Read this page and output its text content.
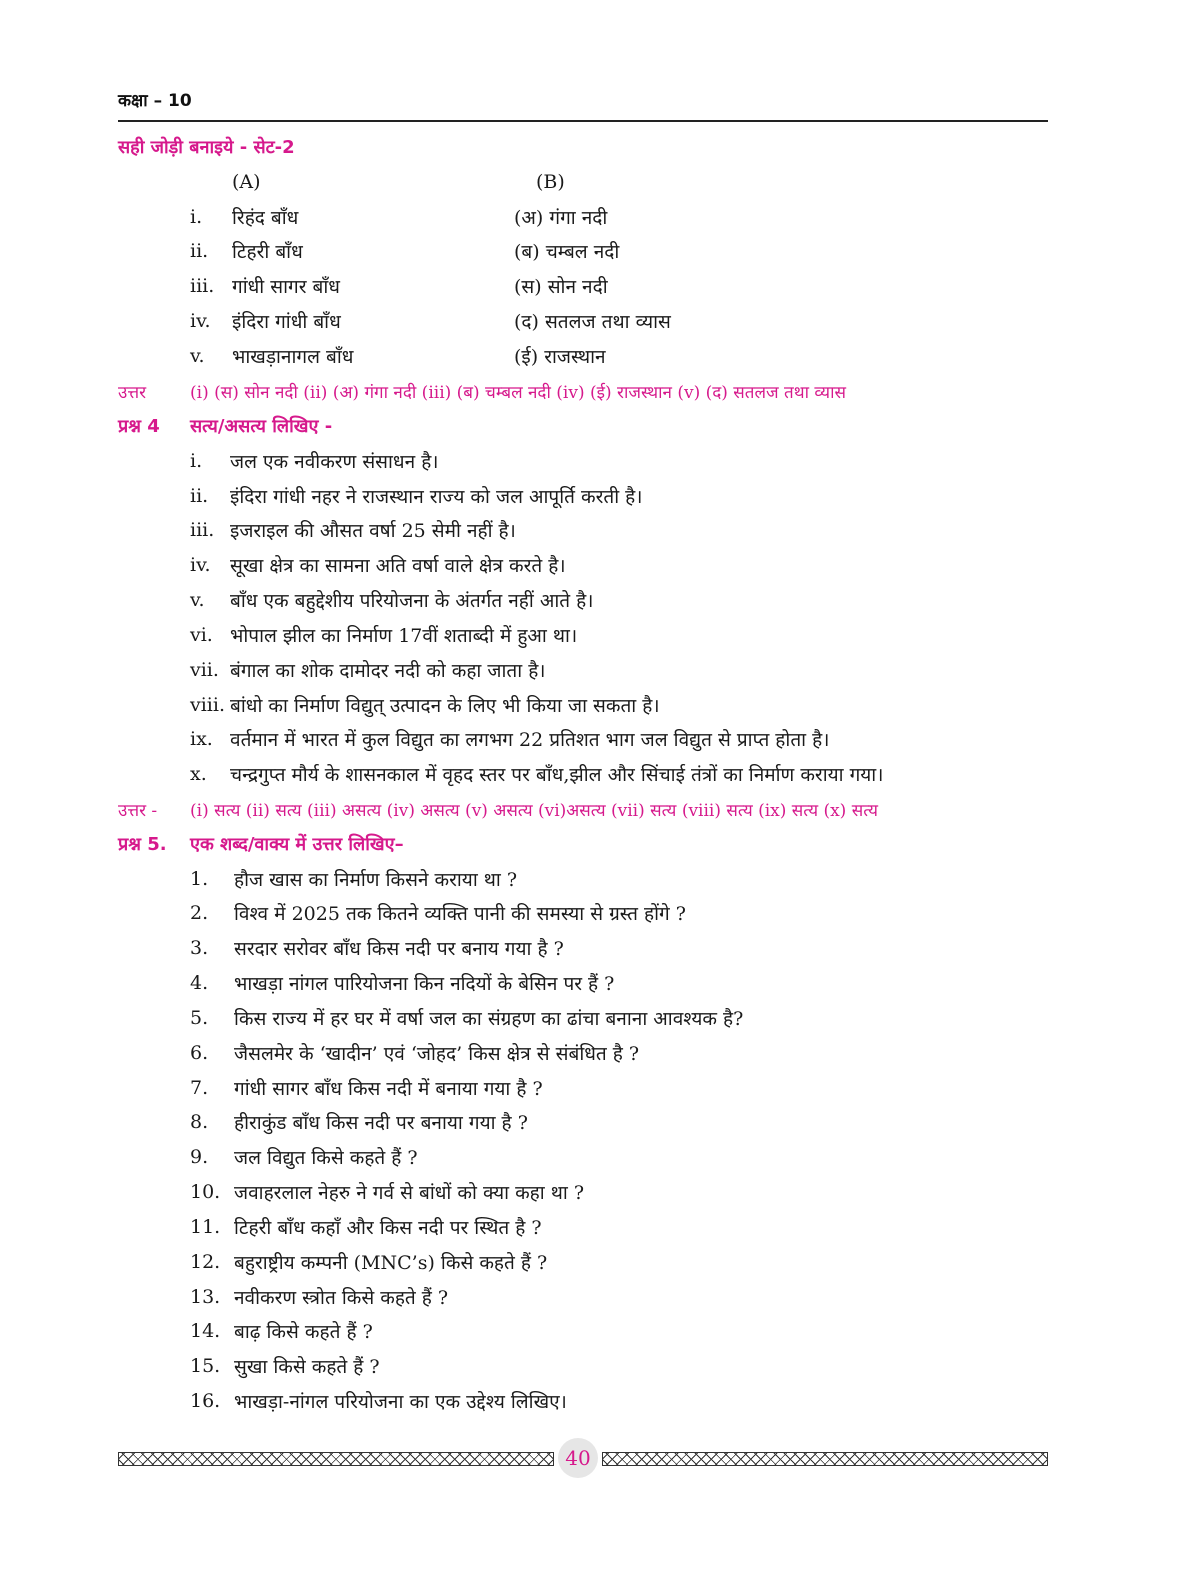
कक्षा – 10
सही जोड़ी बनाइये - सेट-2
(A)	(B)
i. रिहंद बाँध	(अ) गंगा नदी
ii. टिहरी बाँध	(ब) चम्बल नदी
iii. गांधी सागर बाँध	(स) सोन नदी
iv. इंदिरा गांधी बाँध	(द) सतलज तथा व्यास
v. भाखड़ानागल बाँध	(ई) राजस्थान
उत्तर	(i) (स) सोन नदी (ii) (अ) गंगा नदी (iii) (ब) चम्बल नदी (iv) (ई) राजस्थान (v) (द) सतलज तथा व्यास
प्रश्न 4	सत्य/असत्य लिखिए -
i.	जल एक नवीकरण संसाधन है।
ii.	इंदिरा गांधी नहर ने राजस्थान राज्य को जल आपूर्ति करती है।
iii. इजराइल की औसत वर्षा 25 सेमी नहीं है।
iv.	सूखा क्षेत्र का सामना अति वर्षा वाले क्षेत्र करते है।
v.	बाँध एक बहुद्देशीय परियोजना के अंतर्गत नहीं आते है।
vi. भोपाल झील का निर्माण 17वीं शताब्दी में हुआ था।
vii. बंगाल का शोक दामोदर नदी को कहा जाता है।
viii. बांधो का निर्माण विद्युत् उत्पादन के लिए भी किया जा सकता है।
ix. वर्तमान में भारत में कुल विद्युत का लगभग 22 प्रतिशत भाग जल विद्युत से प्राप्त होता है।
x.	चन्द्रगुप्त मौर्य के शासनकाल में वृहद स्तर पर बाँध,झील और सिंचाई तंत्रों का निर्माण कराया गया।
उत्तर -	(i) सत्य (ii) सत्य (iii) असत्य (iv) असत्य (v) असत्य (vi)असत्य (vii) सत्य (viii) सत्य (ix) सत्य (x) सत्य
प्रश्न 5.	एक शब्द/वाक्य में उत्तर लिखिए–
1.	हौज खास का निर्माण किसने कराया था ?
2.	विश्व में 2025 तक कितने व्यक्ति पानी की समस्या से ग्रस्त होंगे ?
3.	सरदार सरोवर बाँध किस नदी पर बनाय गया है ?
4.	भाखड़ा नांगल पारियोजना किन नदियों के बेसिन पर हैं ?
5.	किस राज्य में हर घर में वर्षा जल का संग्रहण का ढांचा बनाना आवश्यक है?
6.	जैसलमेर के ‘खादीन’ एवं ‘जोहद’ किस क्षेत्र से संबंधित है ?
7.	गांधी सागर बाँध किस नदी में बनाया गया है ?
8.	हीराकुंड बाँध किस नदी पर बनाया गया है ?
9.	जल विद्युत किसे कहते हैं ?
10. जवाहरलाल नेहरु ने गर्व से बांधों को क्या कहा था ?
11. टिहरी बाँध कहाँ और किस नदी पर स्थित है ?
12. बहुराष्ट्रीय कम्पनी (MNC’s) किसे कहते हैं ?
13. नवीकरण स्त्रोत किसे कहते हैं ?
14. बाढ़ किसे कहते हैं ?
15. सुखा किसे कहते हैं ?
16. भाखड़ा-नांगल परियोजना का एक उद्देश्य लिखिए।
40
